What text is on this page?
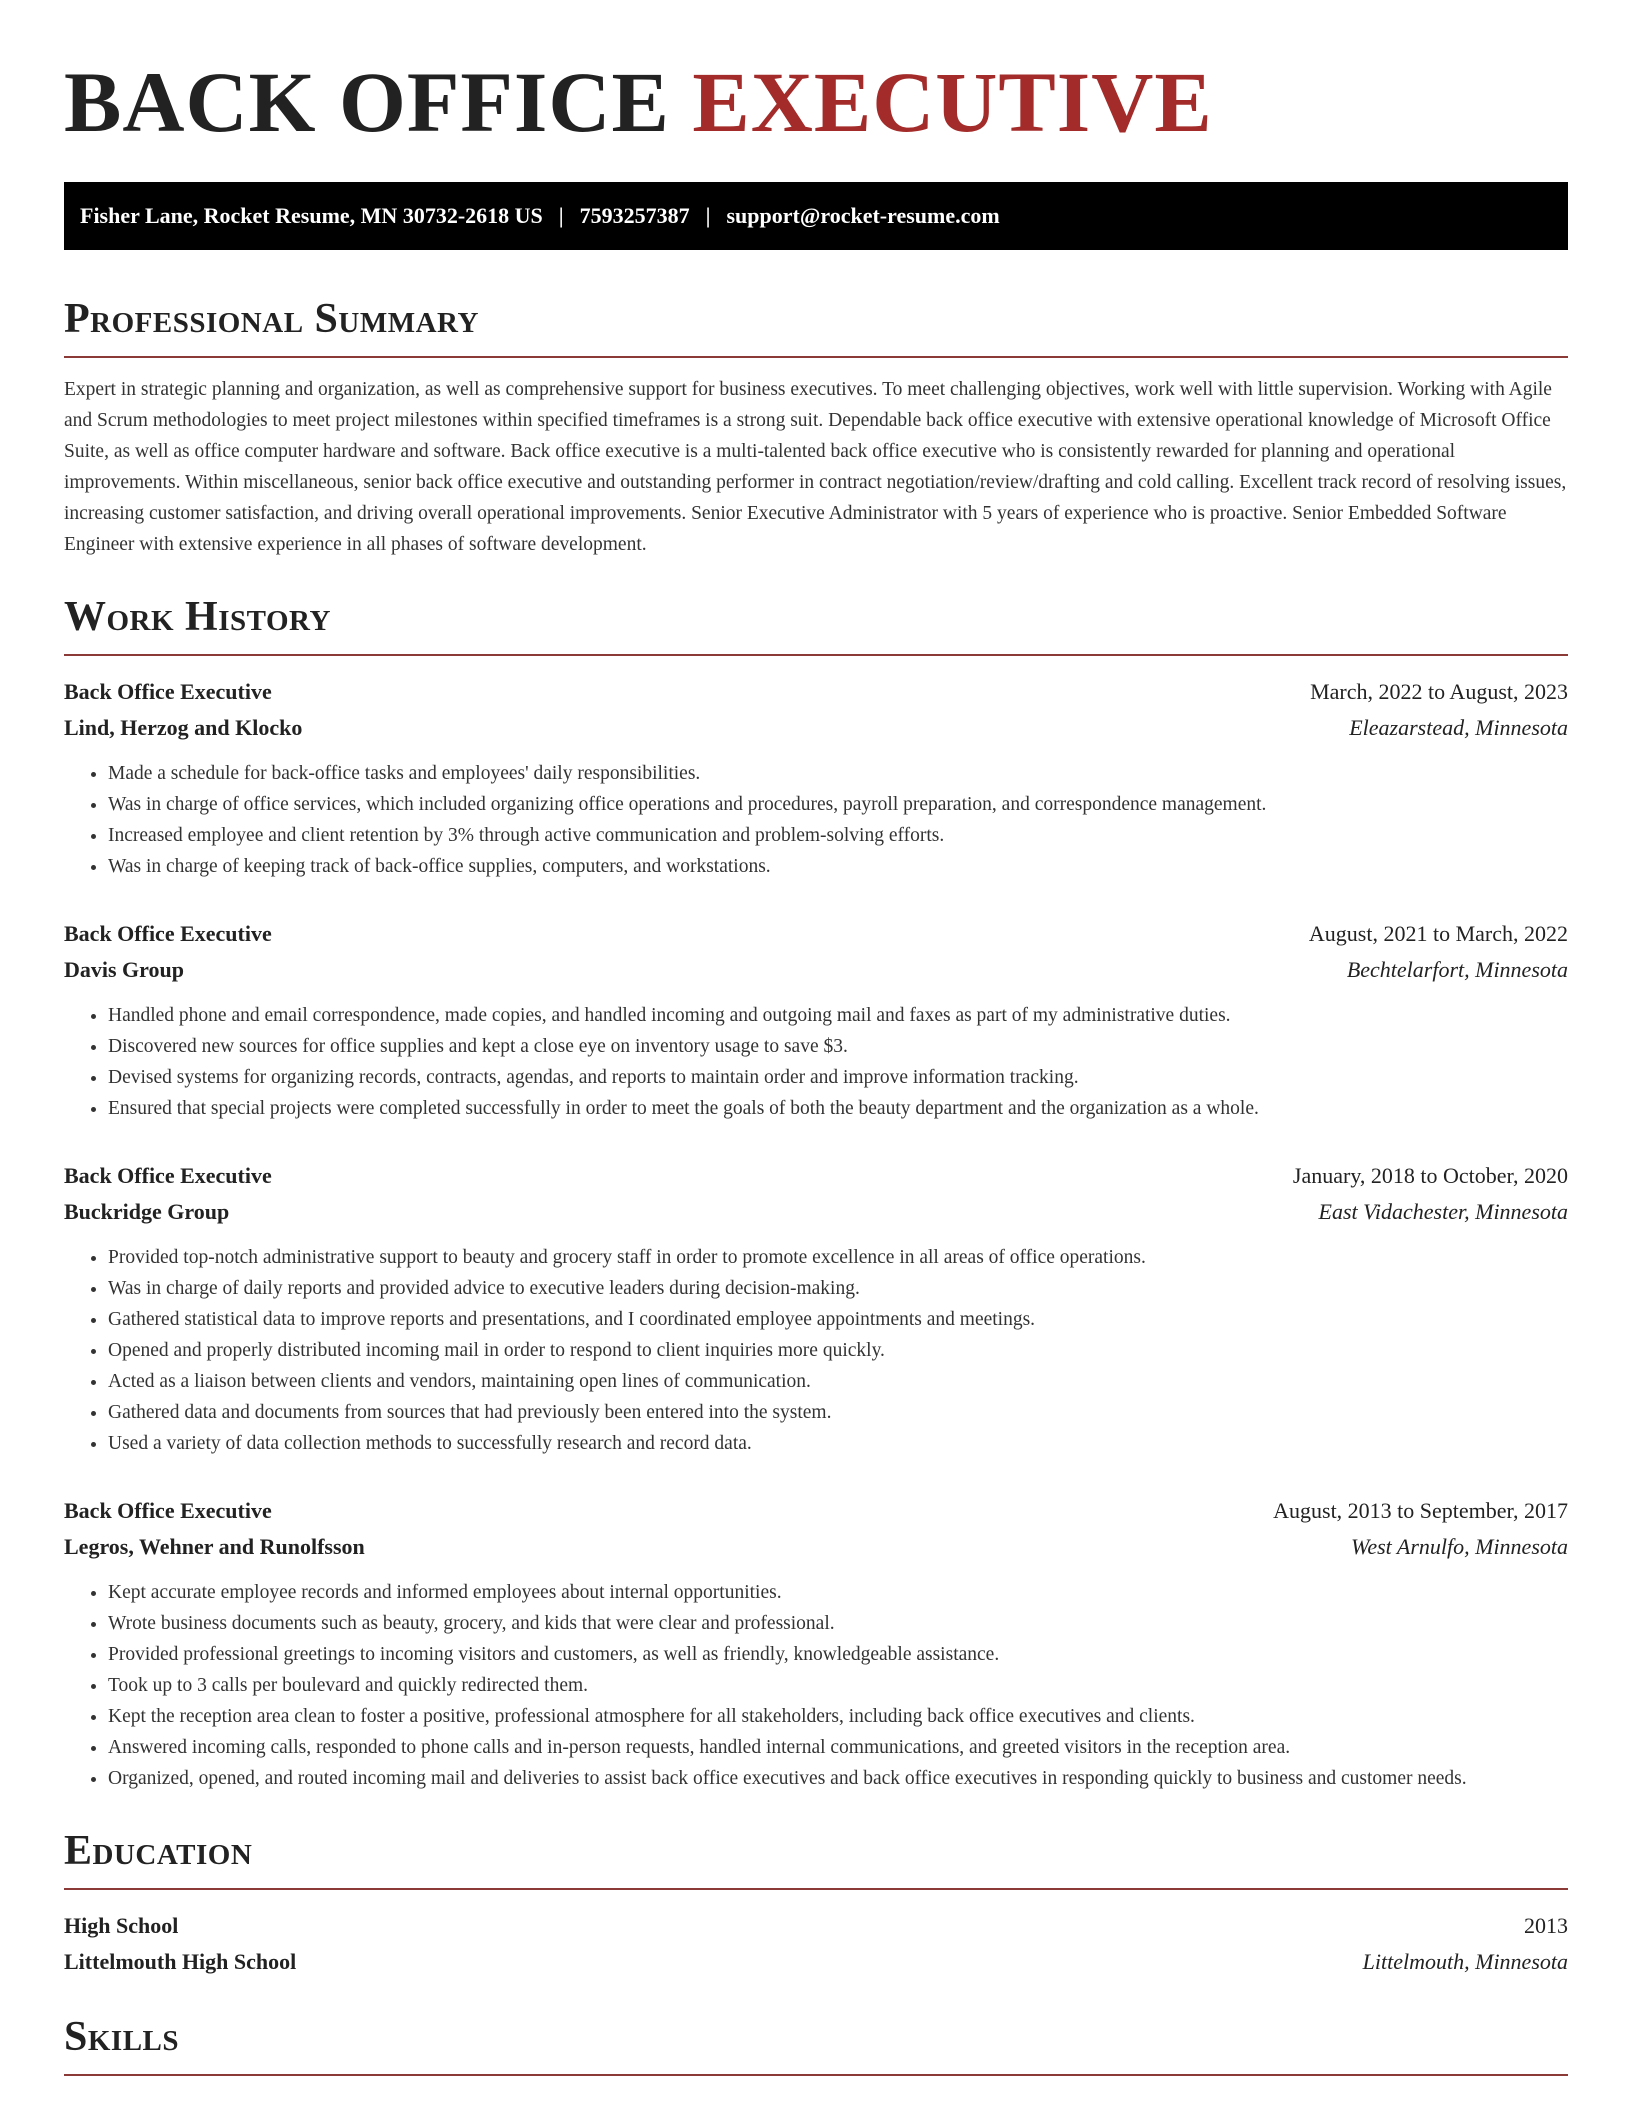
BACK OFFICE EXECUTIVE
Fisher Lane, Rocket Resume, MN 30732-2618 US | 7593257387 | support@rocket-resume.com
Professional Summary

Expert in strategic planning and organization, as well as comprehensive support for business executives. To meet challenging objectives, work well with little supervision. Working with Agile and Scrum methodologies to meet project milestones within specified timeframes is a strong suit. Dependable back office executive with extensive operational knowledge of Microsoft Office Suite, as well as office computer hardware and software. Back office executive is a multi-talented back office executive who is consistently rewarded for planning and operational improvements. Within miscellaneous, senior back office executive and outstanding performer in contract negotiation/review/drafting and cold calling. Excellent track record of resolving issues, increasing customer satisfaction, and driving overall operational improvements. Senior Executive Administrator with 5 years of experience who is proactive. Senior Embedded Software Engineer with extensive experience in all phases of software development.

Work History
Back Office Executive	March, 2022 to August, 2023
Lind, Herzog and Klocko	Eleazarstead, Minnesota
• Made a schedule for back-office tasks and employees' daily responsibilities.
• Was in charge of office services, which included organizing office operations and procedures, payroll preparation, and correspondence management.
• Increased employee and client retention by 3% through active communication and problem-solving efforts.
• Was in charge of keeping track of back-office supplies, computers, and workstations.
Back Office Executive	August, 2021 to March, 2022
Davis Group	Bechtelarfort, Minnesota
• Handled phone and email correspondence, made copies, and handled incoming and outgoing mail and faxes as part of my administrative duties.
• Discovered new sources for office supplies and kept a close eye on inventory usage to save $3.
• Devised systems for organizing records, contracts, agendas, and reports to maintain order and improve information tracking.
• Ensured that special projects were completed successfully in order to meet the goals of both the beauty department and the organization as a whole.
Back Office Executive	January, 2018 to October, 2020
Buckridge Group	East Vidachester, Minnesota
• Provided top-notch administrative support to beauty and grocery staff in order to promote excellence in all areas of office operations.
• Was in charge of daily reports and provided advice to executive leaders during decision-making.
• Gathered statistical data to improve reports and presentations, and I coordinated employee appointments and meetings.
• Opened and properly distributed incoming mail in order to respond to client inquiries more quickly.
• Acted as a liaison between clients and vendors, maintaining open lines of communication.
• Gathered data and documents from sources that had previously been entered into the system.
• Used a variety of data collection methods to successfully research and record data.
Back Office Executive	August, 2013 to September, 2017
Legros, Wehner and Runolfsson	West Arnulfo, Minnesota
• Kept accurate employee records and informed employees about internal opportunities.
• Wrote business documents such as beauty, grocery, and kids that were clear and professional.
• Provided professional greetings to incoming visitors and customers, as well as friendly, knowledgeable assistance.
• Took up to 3 calls per boulevard and quickly redirected them.
• Kept the reception area clean to foster a positive, professional atmosphere for all stakeholders, including back office executives and clients.
• Answered incoming calls, responded to phone calls and in-person requests, handled internal communications, and greeted visitors in the reception area.
• Organized, opened, and routed incoming mail and deliveries to assist back office executives and back office executives in responding quickly to business and customer needs.
Education
High School	2013
Littelmouth High School	Littelmouth, Minnesota
Skills
